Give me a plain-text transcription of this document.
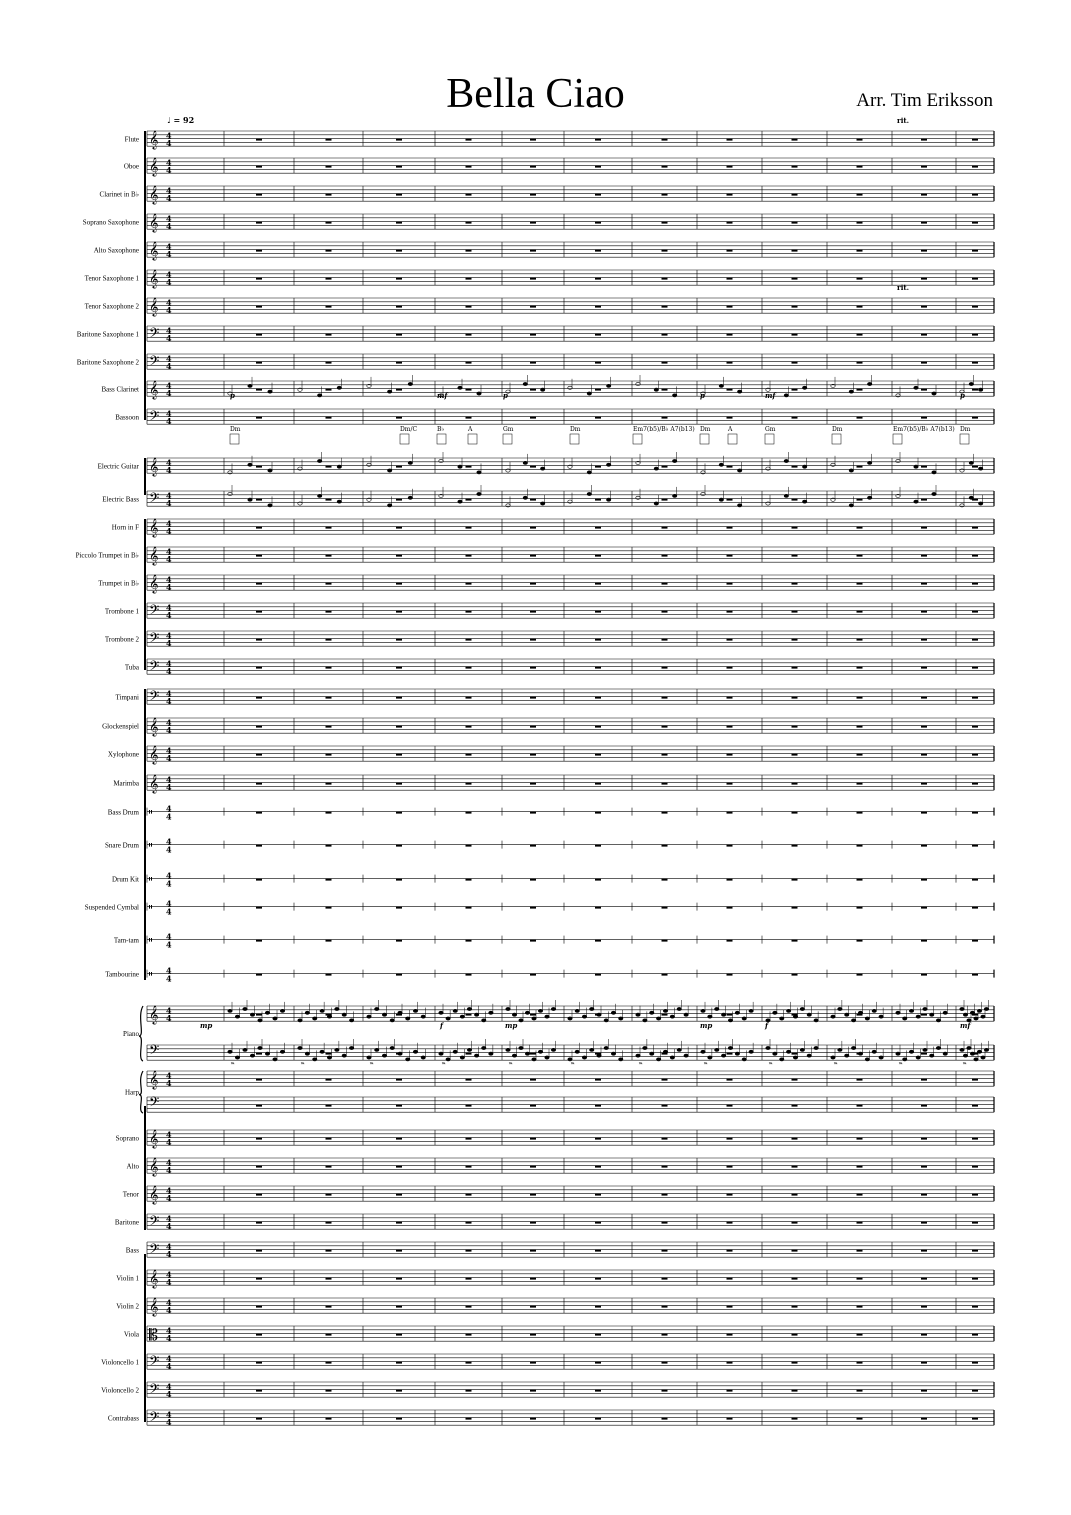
Bella Ciao	Arr. Tim Eriksson
♩ = 92	rit.
rit.
Flute 𝄞 4
4
Oboe 𝄞 4
4
Clarinet in B♭ 𝄞 4
4
Soprano Saxophone 𝄞 4
4
Alto Saxophone 𝄞 4
4
Tenor Saxophone 1 𝄞 4
4
Tenor Saxophone 2 𝄞 4
4
Baritone Saxophone 1 𝄢 4
4
Baritone Saxophone 2 𝄢 4
4
Bass Clarinet 𝄞 4
4
Bassoon 𝄢 4
4
Electric Guitar 𝄞 4
4
Electric Bass 𝄢 4
4
Horn in F 𝄞 4
4
Piccolo Trumpet in B♭ 𝄞 4
4
Trumpet in B♭ 𝄞 4
4
Trombone 1 𝄢 4
4
Trombone 2 𝄢 4
4
Tuba 𝄢 4
4
Timpani 𝄢 4
4
Glockenspiel 𝄞 4
4
Xylophone 𝄞 4
4
Marimba 𝄞 4
4
Bass Drum 𝄥 4
4
Snare Drum 𝄥 4
4
Drum Kit 𝄥 4
4
Suspended Cymbal 𝄥 4
4
Tam-tam 𝄥 4
4
Tambourine 𝄥 4
4
Piano
𝄞
𝄢
4
4
Harp
𝄞
𝄢
4
4
Soprano 𝄞 4
4
Alto 𝄞 4
4
Tenor 𝄞 4
4
Baritone 𝄢 4
4
Bass 𝄢 4
4
Violin 1 𝄞 4
4
Violin 2 𝄞 4
4
Viola 𝄡 4
4
Violoncello 1 𝄢 4
4
Violoncello 2 𝄢 4
4
Contrabass 𝄢 4
4
Dm	Dm/C	B♭	A	Gm	Dm	Em7(b5)/B♭ A7(b13) Dm	A	Gm	Dm	Em7(b5)/B♭ A7(b13) Dm
p	mf	p	p	mf	p
mp	f	mp	mp	f	mf
𝆮	𝆮	𝆮	𝆮	𝆮	𝆮	𝆮	𝆮	𝆮	𝆮	𝆮	𝆮
